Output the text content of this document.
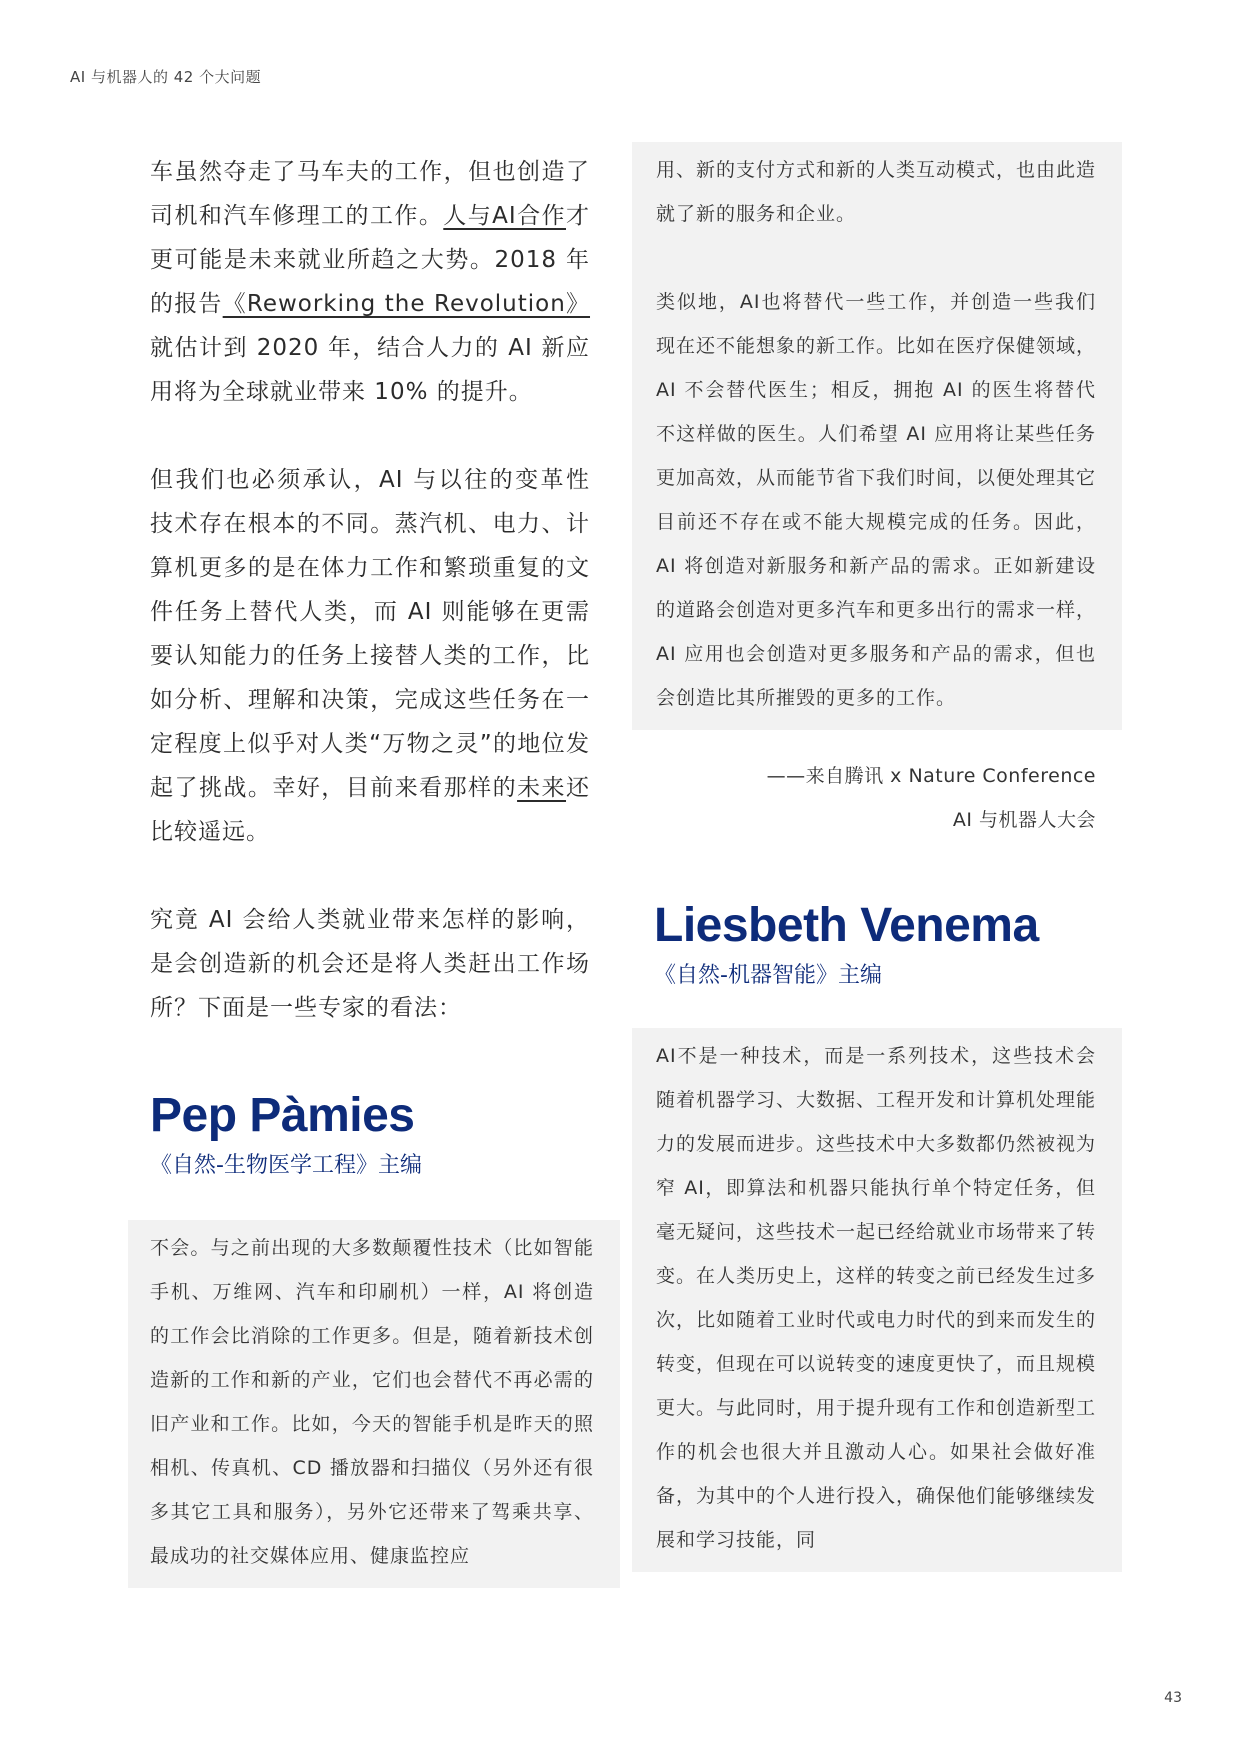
AI 与机器人的 42 个大问题

车虽然夺走了马车夫的工作，但也创造了司机和汽车修理工的工作。人与AI合作才更可能是未来就业所趋之大势。2018 年的报告《Reworking the Revolution》就估计到 2020 年，结合人力的 AI 新应用将为全球就业带来 10% 的提升。

但我们也必须承认，AI 与以往的变革性技术存在根本的不同。蒸汽机、电力、计算机更多的是在体力工作和繁琐重复的文件任务上替代人类，而 AI 则能够在更需要认知能力的任务上接替人类的工作，比如分析、理解和决策，完成这些任务在一定程度上似乎对人类“万物之灵”的地位发起了挑战。幸好，目前来看那样的未来还比较遥远。

究竟 AI 会给人类就业带来怎样的影响，是会创造新的机会还是将人类赶出工作场所？下面是一些专家的看法：

Pep Pàmies
《自然-生物医学工程》主编

不会。与之前出现的大多数颠覆性技术（比如智能手机、万维网、汽车和印刷机）一样，AI 将创造的工作会比消除的工作更多。但是，随着新技术创造新的工作和新的产业，它们也会替代不再必需的旧产业和工作。比如，今天的智能手机是昨天的照相机、传真机、CD 播放器和扫描仪（另外还有很多其它工具和服务），另外它还带来了驾乘共享、最成功的社交媒体应用、健康监控应

用、新的支付方式和新的人类互动模式，也由此造就了新的服务和企业。

类似地，AI也将替代一些工作，并创造一些我们现在还不能想象的新工作。比如在医疗保健领域，AI 不会替代医生；相反，拥抱 AI 的医生将替代不这样做的医生。人们希望 AI 应用将让某些任务更加高效，从而能节省下我们时间，以便处理其它目前还不存在或不能大规模完成的任务。因此，AI 将创造对新服务和新产品的需求。正如新建设的道路会创造对更多汽车和更多出行的需求一样，AI 应用也会创造对更多服务和产品的需求，但也会创造比其所摧毁的更多的工作。

——来自腾讯 x Nature Conference
AI 与机器人大会
Liesbeth Venema
《自然-机器智能》主编

AI不是一种技术，而是一系列技术，这些技术会随着机器学习、大数据、工程开发和计算机处理能力的发展而进步。这些技术中大多数都仍然被视为窄 AI，即算法和机器只能执行单个特定任务，但毫无疑问，这些技术一起已经给就业市场带来了转变。在人类历史上，这样的转变之前已经发生过多次，比如随着工业时代或电力时代的到来而发生的转变，但现在可以说转变的速度更快了，而且规模更大。与此同时，用于提升现有工作和创造新型工作的机会也很大并且激动人心。如果社会做好准备，为其中的个人进行投入，确保他们能够继续发展和学习技能，同

43
